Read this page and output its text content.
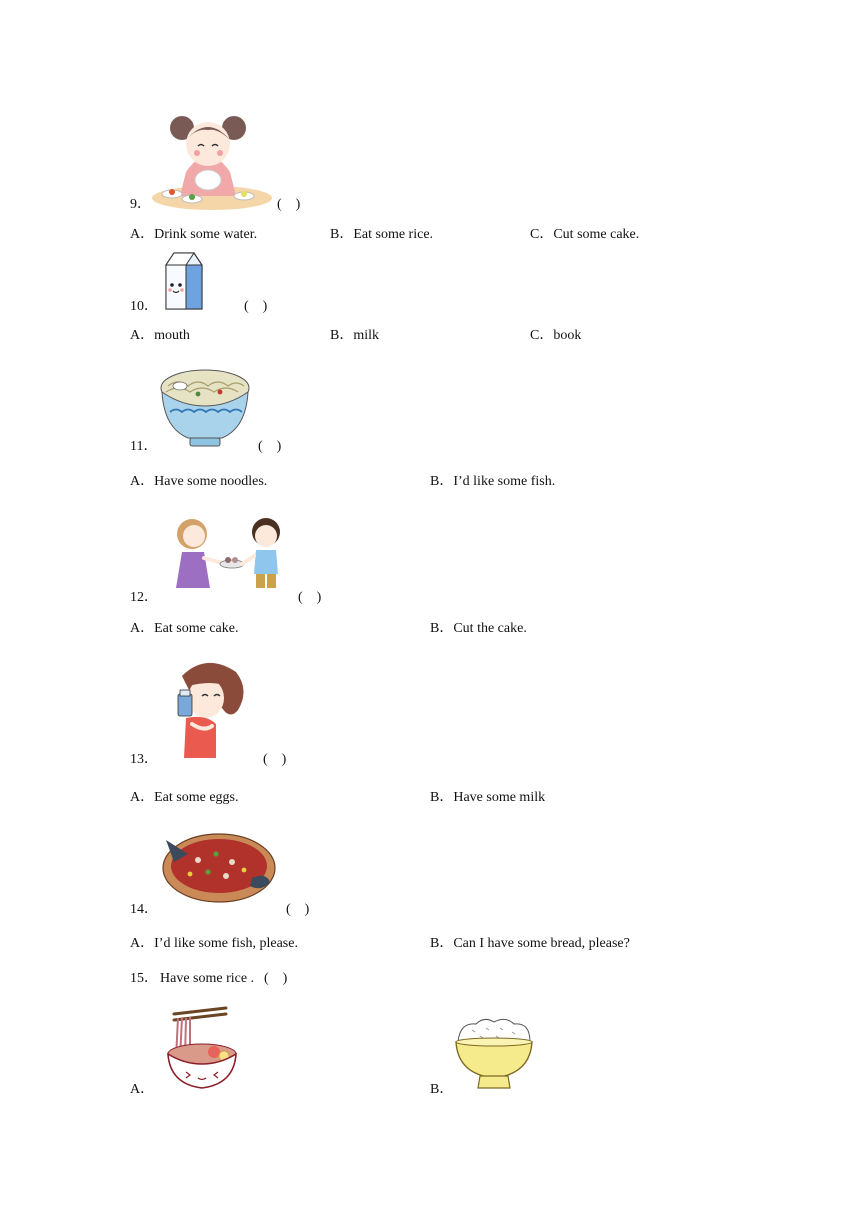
9．	(　)
A．Drink some water.	B．Eat some rice.	C．Cut some cake.
10．	(　)
A．mouth	B．milk	C．book
11．	(　)
A．Have some noodles.	B．I’d like some fish.
12．	(　)
A．Eat some cake.	B．Cut the cake.
13．	(　)
A．Eat some eggs.	B．Have some milk
14．	(　)
A．I’d like some fish, please.	B．Can I have some bread, please?
15． Have some rice . (　)
A．	B．
